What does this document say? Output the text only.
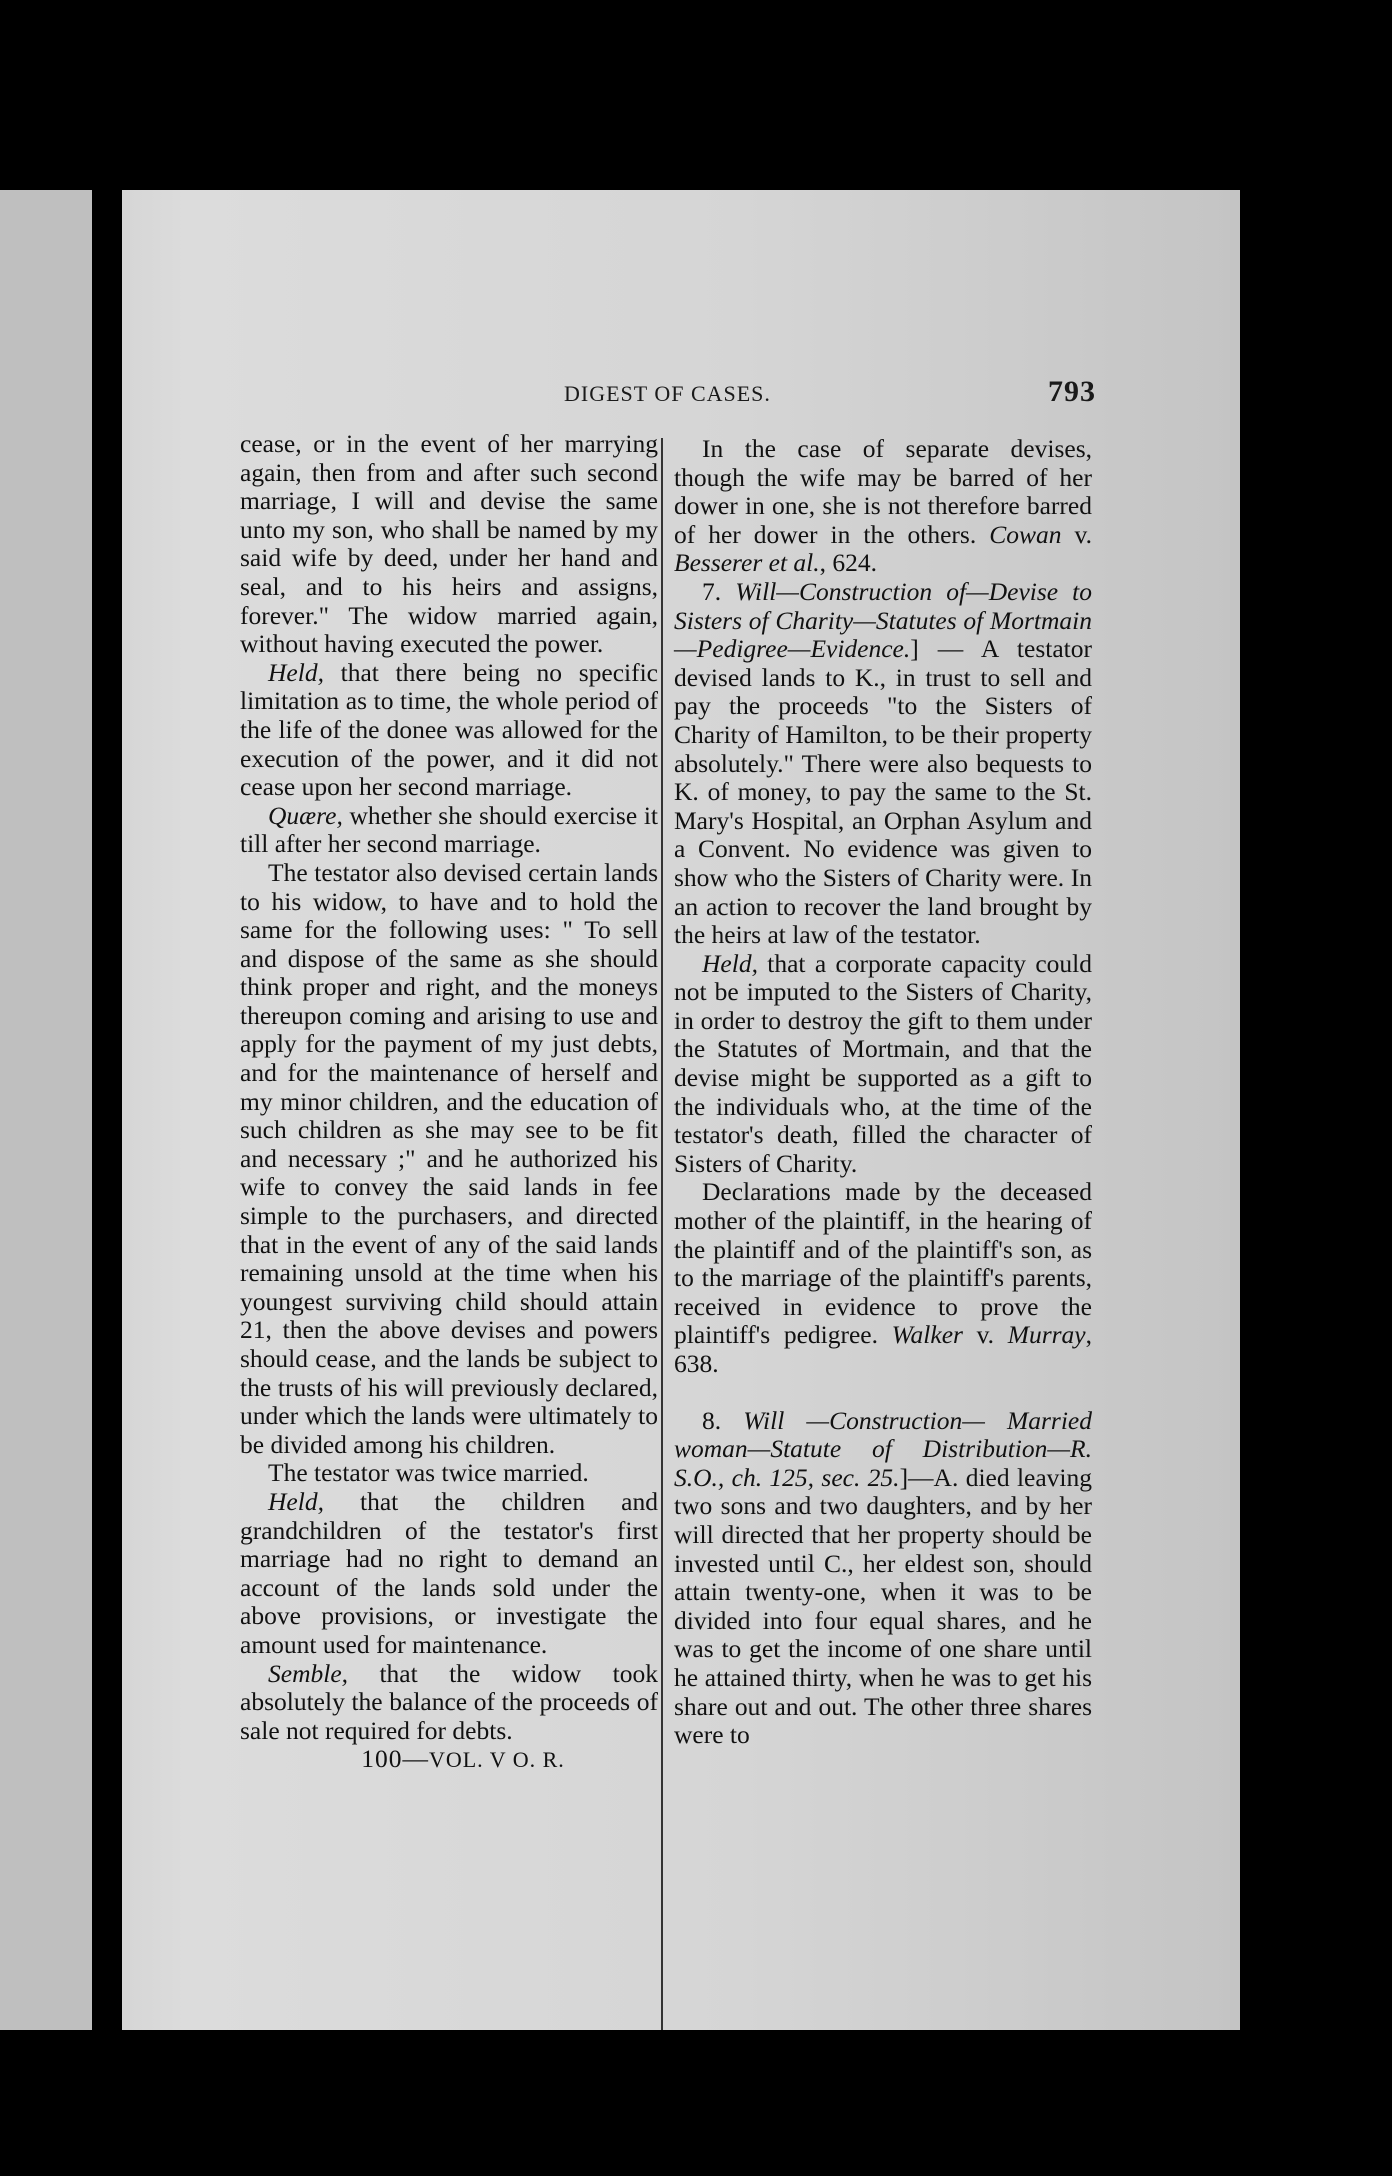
DIGEST OF CASES.	793

cease, or in the event of her marrying again, then from and after such second marriage, I will and devise the same unto my son, who shall be named by my said wife by deed, under her hand and seal, and to his heirs and assigns, forever." The widow married again, without having executed the power.

Held, that there being no specific limitation as to time, the whole period of the life of the donee was allowed for the execution of the power, and it did not cease upon her second marriage.

Quære, whether she should exercise it till after her second marriage.

The testator also devised certain lands to his widow, to have and to hold the same for the following uses: " To sell and dispose of the same as she should think proper and right, and the moneys thereupon coming and arising to use and apply for the payment of my just debts, and for the maintenance of herself and my minor children, and the education of such children as she may see to be fit and necessary ;" and he authorized his wife to convey the said lands in fee simple to the purchasers, and directed that in the event of any of the said lands remaining unsold at the time when his youngest surviving child should attain 21, then the above devises and powers should cease, and the lands be subject to the trusts of his will previously declared, under which the lands were ultimately to be divided among his children.

The testator was twice married.

Held, that the children and grandchildren of the testator's first marriage had no right to demand an account of the lands sold under the above provisions, or investigate the amount used for maintenance.

Semble, that the widow took absolutely the balance of the proceeds of sale not required for debts.

100—VOL. V O. R.

In the case of separate devises, though the wife may be barred of her dower in one, she is not therefore barred of her dower in the others. Cowan v. Besserer et al., 624.

7. Will—Construction of—Devise to Sisters of Charity—Statutes of Mortmain—Pedigree—Evidence.] — A testator devised lands to K., in trust to sell and pay the proceeds "to the Sisters of Charity of Hamilton, to be their property absolutely." There were also bequests to K. of money, to pay the same to the St. Mary's Hospital, an Orphan Asylum and a Convent. No evidence was given to show who the Sisters of Charity were. In an action to recover the land brought by the heirs at law of the testator.

Held, that a corporate capacity could not be imputed to the Sisters of Charity, in order to destroy the gift to them under the Statutes of Mortmain, and that the devise might be supported as a gift to the individuals who, at the time of the testator's death, filled the character of Sisters of Charity.

Declarations made by the deceased mother of the plaintiff, in the hearing of the plaintiff and of the plaintiff's son, as to the marriage of the plaintiff's parents, received in evidence to prove the plaintiff's pedigree. Walker v. Murray, 638.

8. Will —Construction— Married woman—Statute of Distribution—R. S.O., ch. 125, sec. 25.]—A. died leaving two sons and two daughters, and by her will directed that her property should be invested until C., her eldest son, should attain twenty-one, when it was to be divided into four equal shares, and he was to get the income of one share until he attained thirty, when he was to get his share out and out. The other three shares were to
